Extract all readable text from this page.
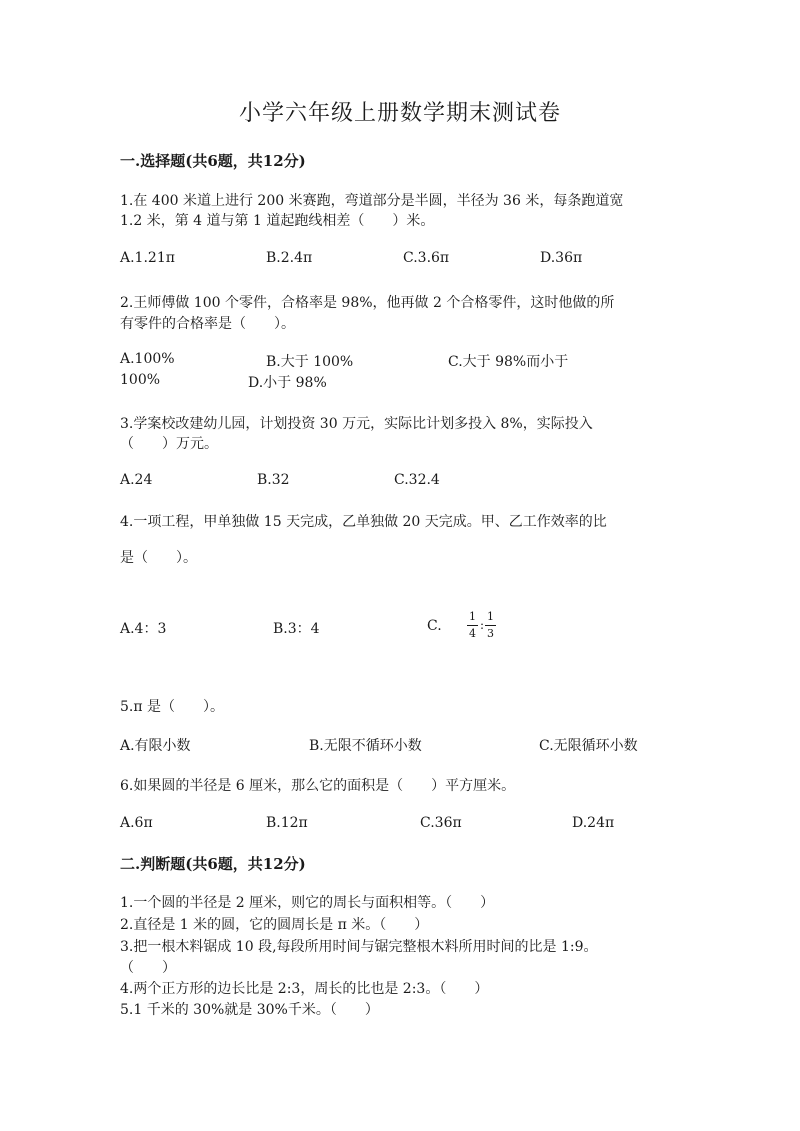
小学六年级上册数学期末测试卷
一.选择题(共6题，共12分)
1.在 400 米道上进行 200 米赛跑，弯道部分是半圆，半径为 36 米，每条跑道宽
1.2 米，第 4 道与第 1 道起跑线相差（　　）米。
A.1.21π	B.2.4π	C.3.6π	D.36π
2.王师傅做 100 个零件，合格率是 98%，他再做 2 个合格零件，这时他做的所
有零件的合格率是（　　）。
A.100%	B.大于 100%	C.大于 98%而小于
100%	D.小于 98%
3.学案校改建幼儿园，计划投资 30 万元，实际比计划多投入 8%，实际投入
（　　）万元。
A.24	B.32	C.32.4
4.一项工程，甲单独做 15 天完成，乙单独做 20 天完成。甲、乙工作效率的比
是（　　）。
A.4：3	B.3：4	C.
1
4
:
1
3
5.π 是（　　）。
A.有限小数	B.无限不循环小数	C.无限循环小数
6.如果圆的半径是 6 厘米，那么它的面积是（　　）平方厘米。
A.6π	B.12π	C.36π	D.24π
二.判断题(共6题，共12分)
1.一个圆的半径是 2 厘米，则它的周长与面积相等。（　　）
2.直径是 1 米的圆，它的圆周长是 π 米。（　　）
3.把一根木料锯成 10 段,每段所用时间与锯完整根木料所用时间的比是 1:9。
（　　）
4.两个正方形的边长比是 2:3，周长的比也是 2:3。（　　）
5.1 千米的 30%就是 30%千米。（　　）
